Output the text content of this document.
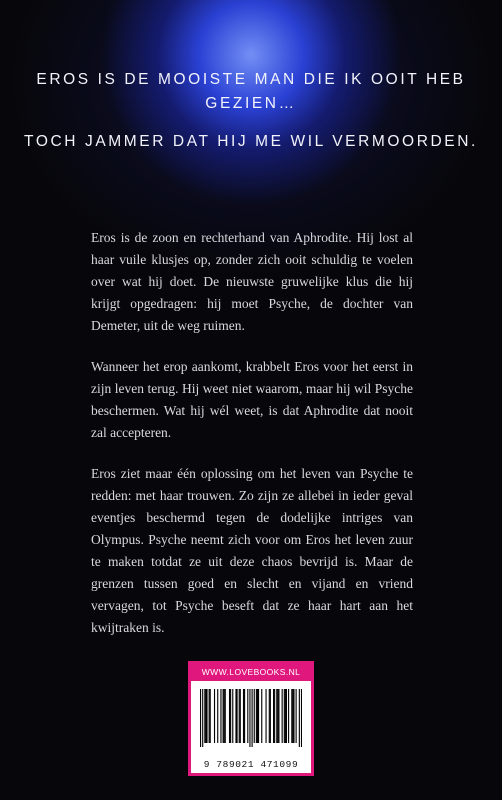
EROS IS DE MOOISTE MAN DIE IK OOIT HEB GEZIEN…

TOCH JAMMER DAT HIJ ME WIL VERMOORDEN.

Eros is de zoon en rechterhand van Aphrodite. Hij lost al haar vuile klusjes op, zonder zich ooit schuldig te voelen over wat hij doet. De nieuwste gruwelijke klus die hij krijgt opgedragen: hij moet Psyche, de dochter van Demeter, uit de weg ruimen.

Wanneer het erop aankomt, krabbelt Eros voor het eerst in zijn leven terug. Hij weet niet waarom, maar hij wil Psyche beschermen. Wat hij wél weet, is dat Aphrodite dat nooit zal accepteren.

Eros ziet maar één oplossing om het leven van Psyche te redden: met haar trouwen. Zo zijn ze allebei in ieder geval eventjes beschermd tegen de dodelijke intriges van Olympus. Psyche neemt zich voor om Eros het leven zuur te maken totdat ze uit deze chaos bevrijd is. Maar de grenzen tussen goed en slecht en vijand en vriend vervagen, tot Psyche beseft dat ze haar hart aan het kwijtraken is.

WWW.LOVEBOOKS.NL
9 789021 471099
